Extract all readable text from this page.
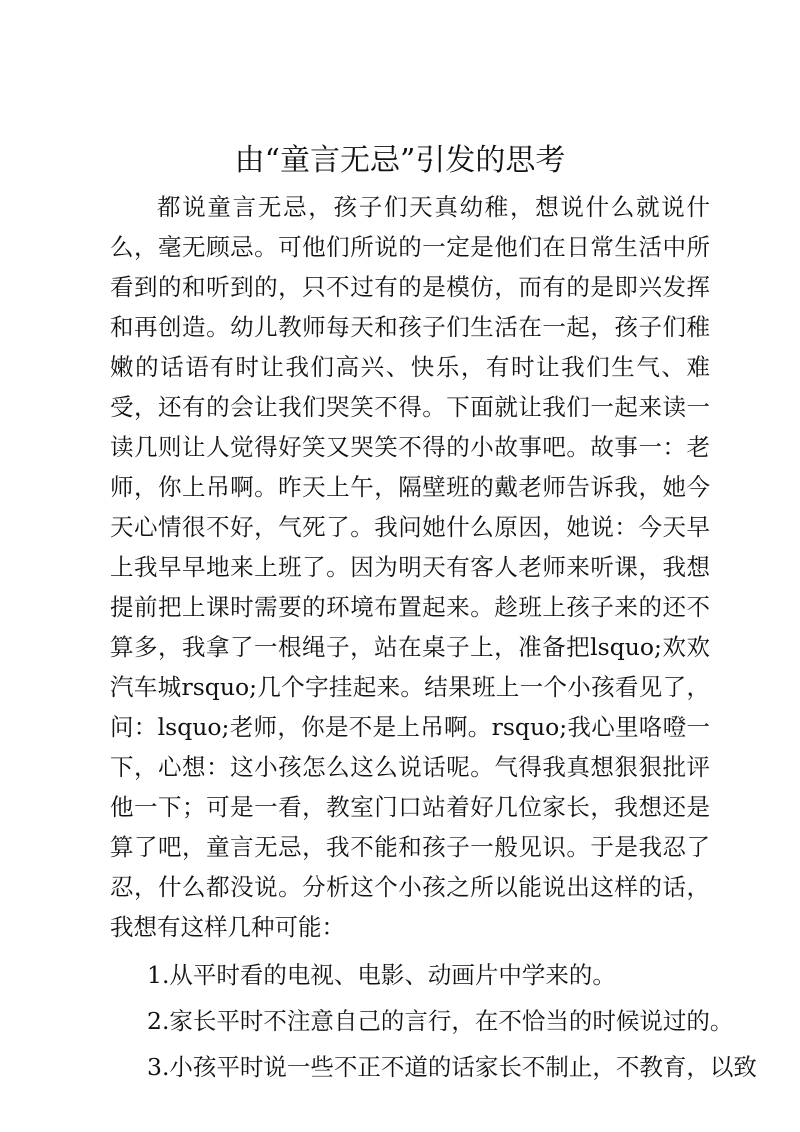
由“童言无忌”引发的思考

都说童言无忌，孩子们天真幼稚，想说什么就说什么，毫无顾忌。可他们所说的一定是他们在日常生活中所看到的和听到的，只不过有的是模仿，而有的是即兴发挥和再创造。幼儿教师每天和孩子们生活在一起，孩子们稚嫩的话语有时让我们高兴、快乐，有时让我们生气、难受，还有的会让我们哭笑不得。下面就让我们一起来读一读几则让人觉得好笑又哭笑不得的小故事吧。故事一：老师，你上吊啊。昨天上午，隔壁班的戴老师告诉我，她今天心情很不好，气死了。我问她什么原因，她说：今天早上我早早地来上班了。因为明天有客人老师来听课，我想提前把上课时需要的环境布置起来。趁班上孩子来的还不算多，我拿了一根绳子，站在桌子上，准备把lsquo;欢欢汽车城rsquo;几个字挂起来。结果班上一个小孩看见了，问：lsquo;老师，你是不是上吊啊。rsquo;我心里咯噔一下，心想：这小孩怎么这么说话呢。气得我真想狠狠批评他一下；可是一看，教室门口站着好几位家长，我想还是算了吧，童言无忌，我不能和孩子一般见识。于是我忍了忍，什么都没说。分析这个小孩之所以能说出这样的话，我想有这样几种可能：

1.从平时看的电视、电影、动画片中学来的。

2.家长平时不注意自己的言行，在不恰当的时候说过的。

3.小孩平时说一些不正不道的话家长不制止，不教育，以致
